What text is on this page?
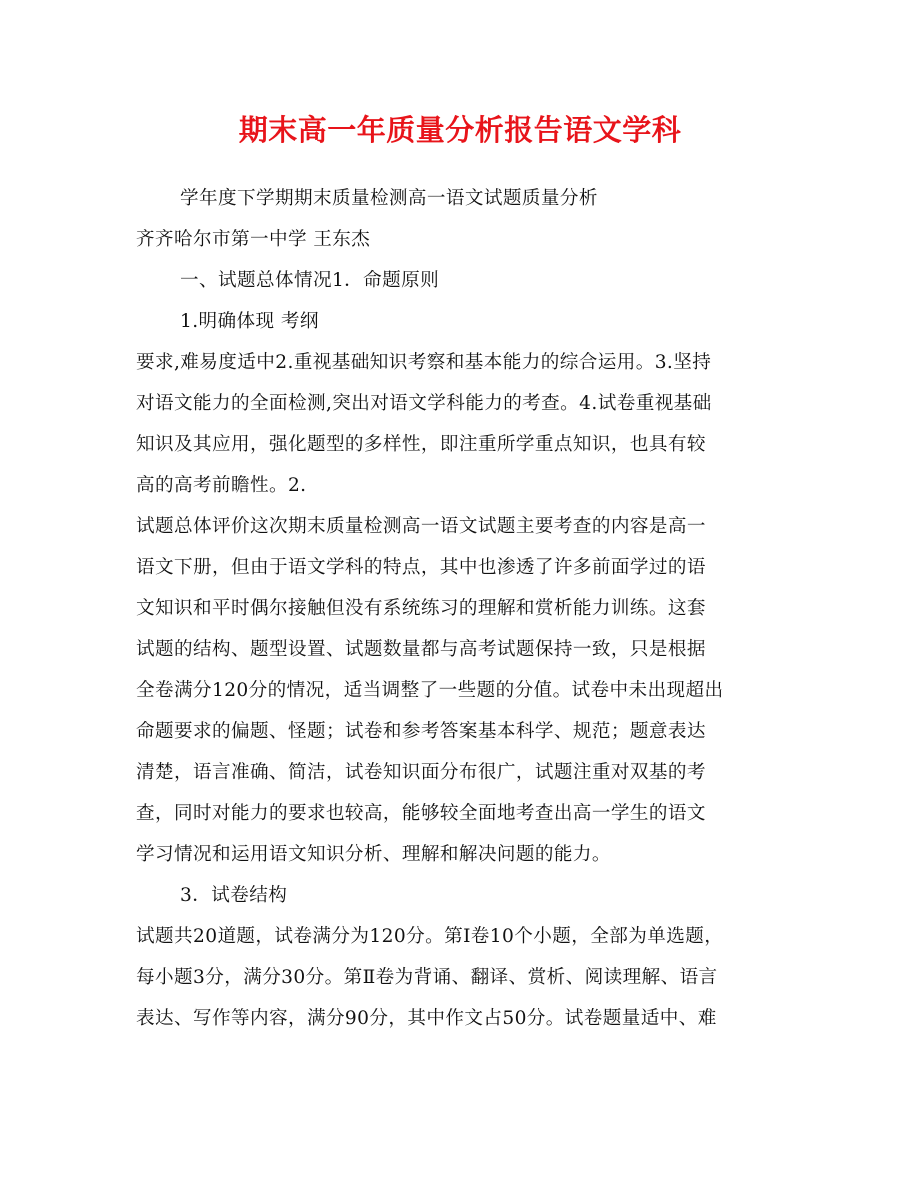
期末高一年质量分析报告语文学科
学年度下学期期末质量检测高一语文试题质量分析
齐齐哈尔市第一中学 王东杰
一、试题总体情况1．命题原则
1.明确体现 考纲
要求,难易度适中2.重视基础知识考察和基本能力的综合运用。3.坚持
对语文能力的全面检测,突出对语文学科能力的考查。4.试卷重视基础
知识及其应用，强化题型的多样性，即注重所学重点知识，也具有较
高的高考前瞻性。2.
试题总体评价这次期末质量检测高一语文试题主要考查的内容是高一
语文下册，但由于语文学科的特点，其中也渗透了许多前面学过的语
文知识和平时偶尔接触但没有系统练习的理解和赏析能力训练。这套
试题的结构、题型设置、试题数量都与高考试题保持一致，只是根据
全卷满分120分的情况，适当调整了一些题的分值。试卷中未出现超出
命题要求的偏题、怪题；试卷和参考答案基本科学、规范；题意表达
清楚，语言准确、简洁，试卷知识面分布很广，试题注重对双基的考
查，同时对能力的要求也较高，能够较全面地考查出高一学生的语文
学习情况和运用语文知识分析、理解和解决问题的能力。
3．试卷结构
试题共20道题，试卷满分为120分。第Ⅰ卷10个小题，全部为单选题，
每小题3分，满分30分。第Ⅱ卷为背诵、翻译、赏析、阅读理解、语言
表达、写作等内容，满分90分，其中作文占50分。试卷题量适中、难
